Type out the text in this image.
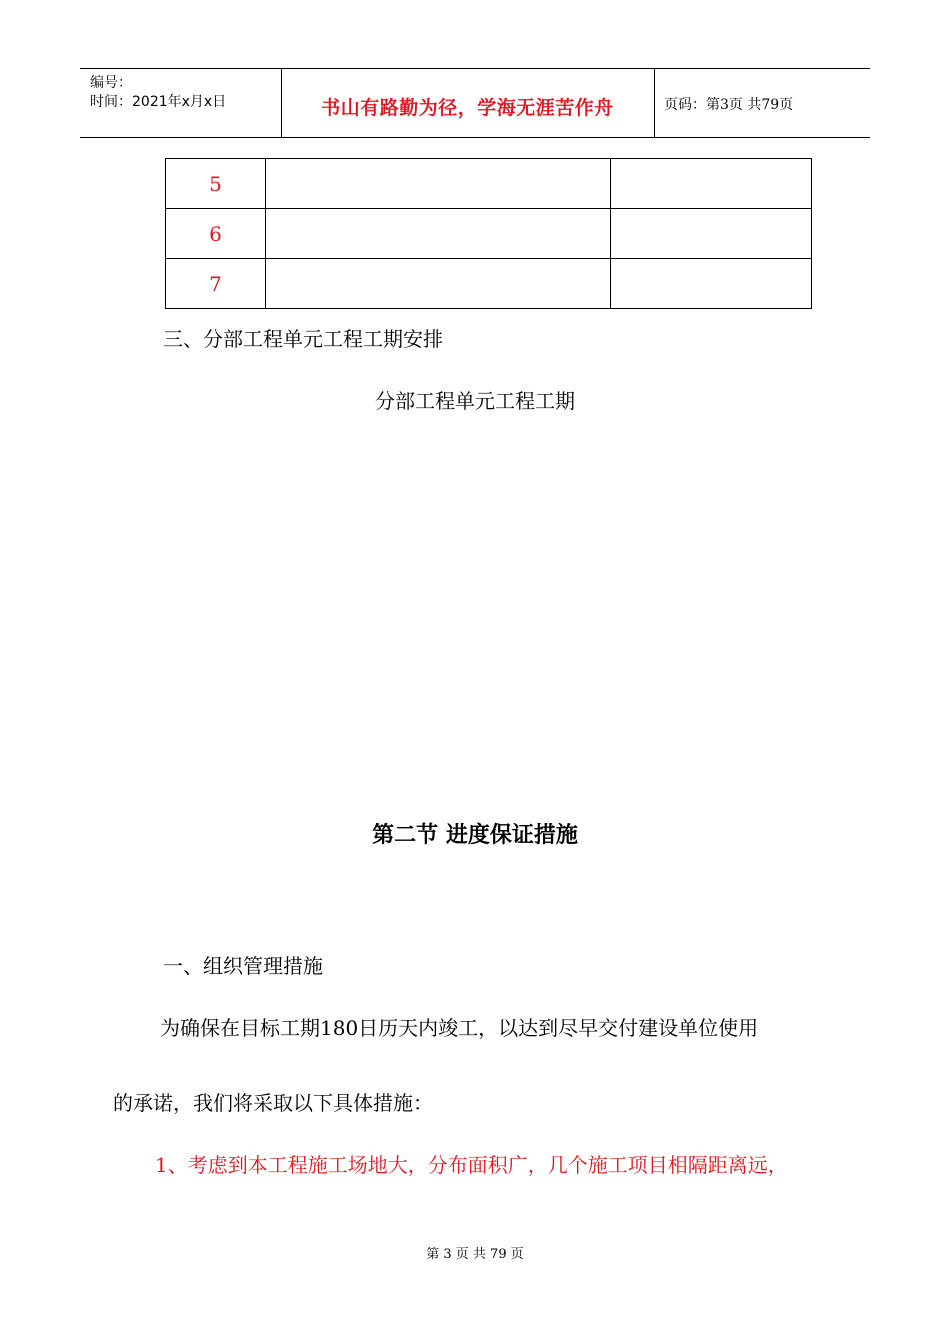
编号：
时间：2021年x月x日	书山有路勤为径，学海无涯苦作舟	页码：第3页 共79页
5		
6		
7		
三、分部工程单元工程工期安排
分部工程单元工程工期
第二节 进度保证措施
一、组织管理措施
为确保在目标工期180日历天内竣工，以达到尽早交付建设单位使用
的承诺，我们将采取以下具体措施：
1、考虑到本工程施工场地大，分布面积广，几个施工项目相隔距离远，
第 3 页 共 79 页
